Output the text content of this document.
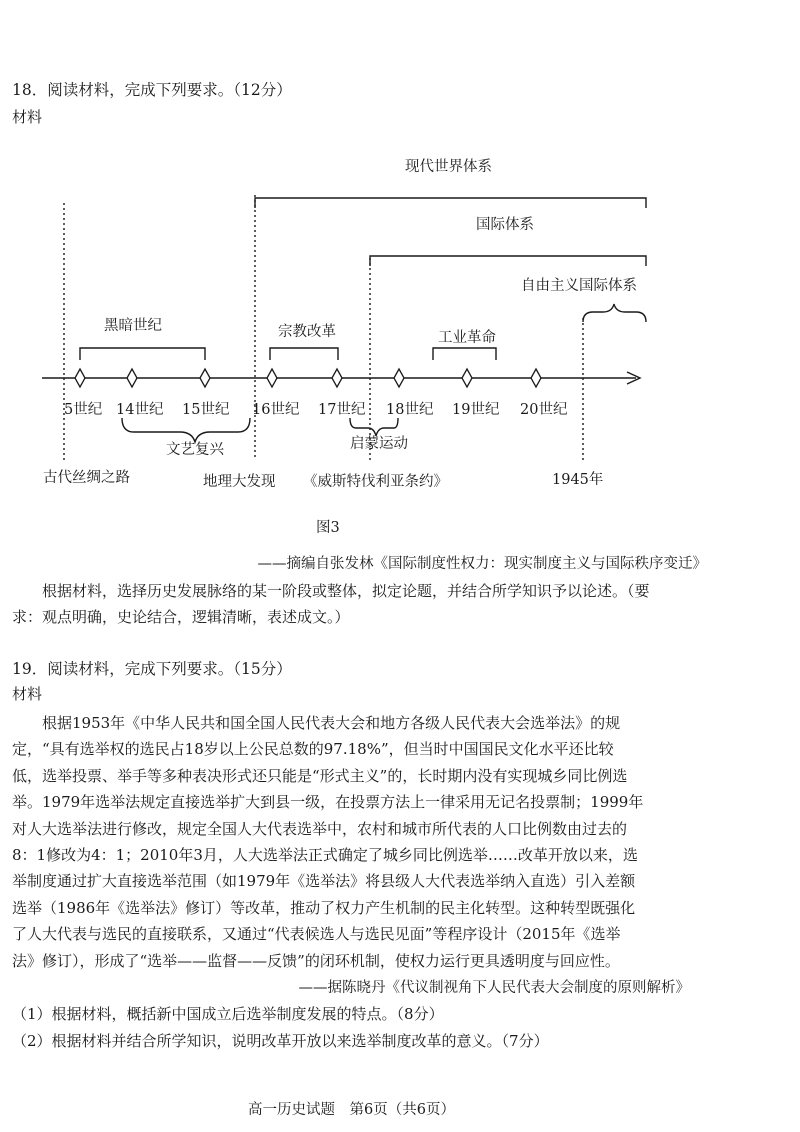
18．阅读材料，完成下列要求。（12分）
材料
现代世界体系
国际体系
自由主义国际体系
黑暗世纪	宗教改革	工业革命
5世纪 14世纪 15世纪 16世纪 17世纪 18世纪 19世纪 20世纪
文艺复兴	启蒙运动
古代丝绸之路	地理大发现 《威斯特伐利亚条约》	1945年
图3
——摘编自张发林《国际制度性权力：现实制度主义与国际秩序变迁》
根据材料，选择历史发展脉络的某一阶段或整体，拟定论题，并结合所学知识予以论述。（要
求：观点明确，史论结合，逻辑清晰，表述成文。）
19．阅读材料，完成下列要求。（15分）
材料
根据1953年《中华人民共和国全国人民代表大会和地方各级人民代表大会选举法》的规
定，“具有选举权的选民占18岁以上公民总数的97.18%”，但当时中国国民文化水平还比较
低，选举投票、举手等多种表决形式还只能是“形式主义”的，长时期内没有实现城乡同比例选
举。1979年选举法规定直接选举扩大到县一级，在投票方法上一律采用无记名投票制；1999年
对人大选举法进行修改，规定全国人大代表选举中，农村和城市所代表的人口比例数由过去的
8：1修改为4：1；2010年3月，人大选举法正式确定了城乡同比例选举……改革开放以来，选
举制度通过扩大直接选举范围（如1979年《选举法》将县级人大代表选举纳入直选）引入差额
选举（1986年《选举法》修订）等改革，推动了权力产生机制的民主化转型。这种转型既强化
了人大代表与选民的直接联系，又通过“代表候选人与选民见面”等程序设计（2015年《选举
法》修订），形成了“选举——监督——反馈”的闭环机制，使权力运行更具透明度与回应性。
——据陈晓丹《代议制视角下人民代表大会制度的原则解析》
（1）根据材料，概括新中国成立后选举制度发展的特点。（8分）
（2）根据材料并结合所学知识，说明改革开放以来选举制度改革的意义。（7分）
高一历史试题　第6页（共6页）
